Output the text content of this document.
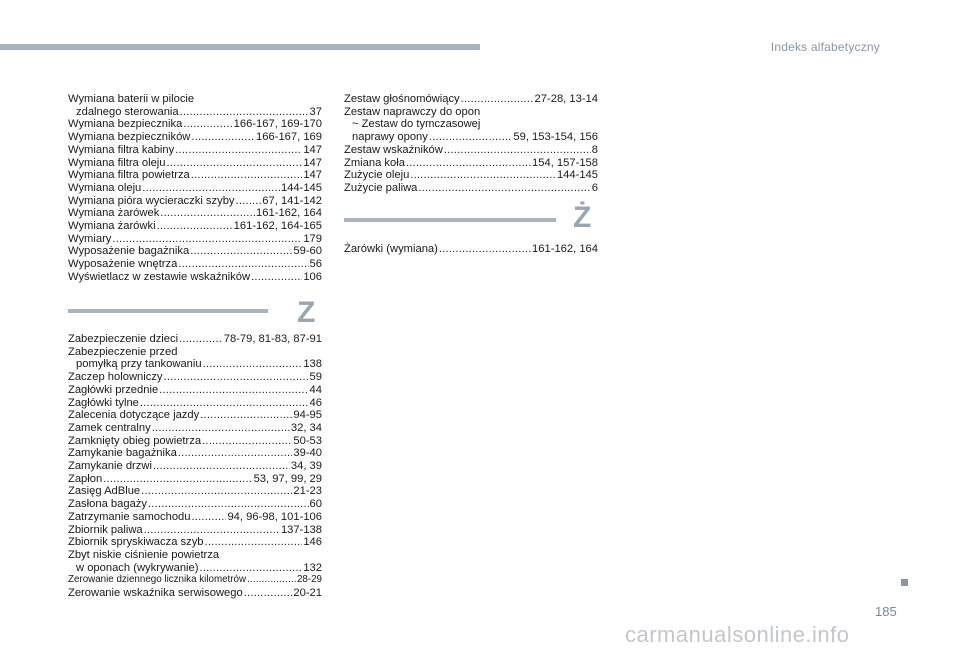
Indeks alfabetyczny
Wymiana baterii w pilocie
zdalnego sterowania .....	37
Wymiana bezpiecznika .....	166-167, 169-170
Wymiana bezpieczników .....	166-167, 169
Wymiana filtra kabiny .....	147
Wymiana filtra oleju .....	147
Wymiana filtra powietrza .....	147
Wymiana oleju .....	144-145
Wymiana pióra wycieraczki szyby ..... 67, 141-142
Wymiana żarówek .....	161-162, 164
Wymiana żarówki .....	161-162, 164-165
Wymiary .....	179
Wyposażenie bagażnika .....	59-60
Wyposażenie wnętrza .....	56
Wyświetlacz w zestawie wskaźników .....	106
Z
Zabezpieczenie dzieci .....	78-79, 81-83, 87-91
Zabezpieczenie przed
pomyłką przy tankowaniu .....	138
Zaczep holowniczy .....	59
Zagłówki przednie .....	44
Zagłówki tylne .....	46
Zalecenia dotyczące jazdy .....	94-95
Zamek centralny .....	32, 34
Zamknięty obieg powietrza .....	50-53
Zamykanie bagażnika .....	39-40
Zamykanie drzwi .....	34, 39
Zapłon .....	53, 97, 99, 29
Zasięg AdBlue .....	21-23
Zasłona bagaży .....	60
Zatrzymanie samochodu .....	94, 96-98, 101-106
Zbiornik paliwa .....	137-138
Zbiornik spryskiwacza szyb .....	146
Zbyt niskie ciśnienie powietrza
w oponach (wykrywanie) .....	132
Zerowanie dziennego licznika kilometrów .....	28-29
Zerowanie wskaźnika serwisowego .....	20-21
Zestaw głośnomówiący .....	27-28, 13-14
Zestaw naprawczy do opon
~ Zestaw do tymczasowej
naprawy opony .....	59, 153-154, 156
Zestaw wskaźników .....	8
Zmiana koła .....	154, 157-158
Zużycie oleju .....	144-145
Zużycie paliwa .....	6
Ż
Żarówki (wymiana) .....	161-162, 164
185
carmanualsonline.info
